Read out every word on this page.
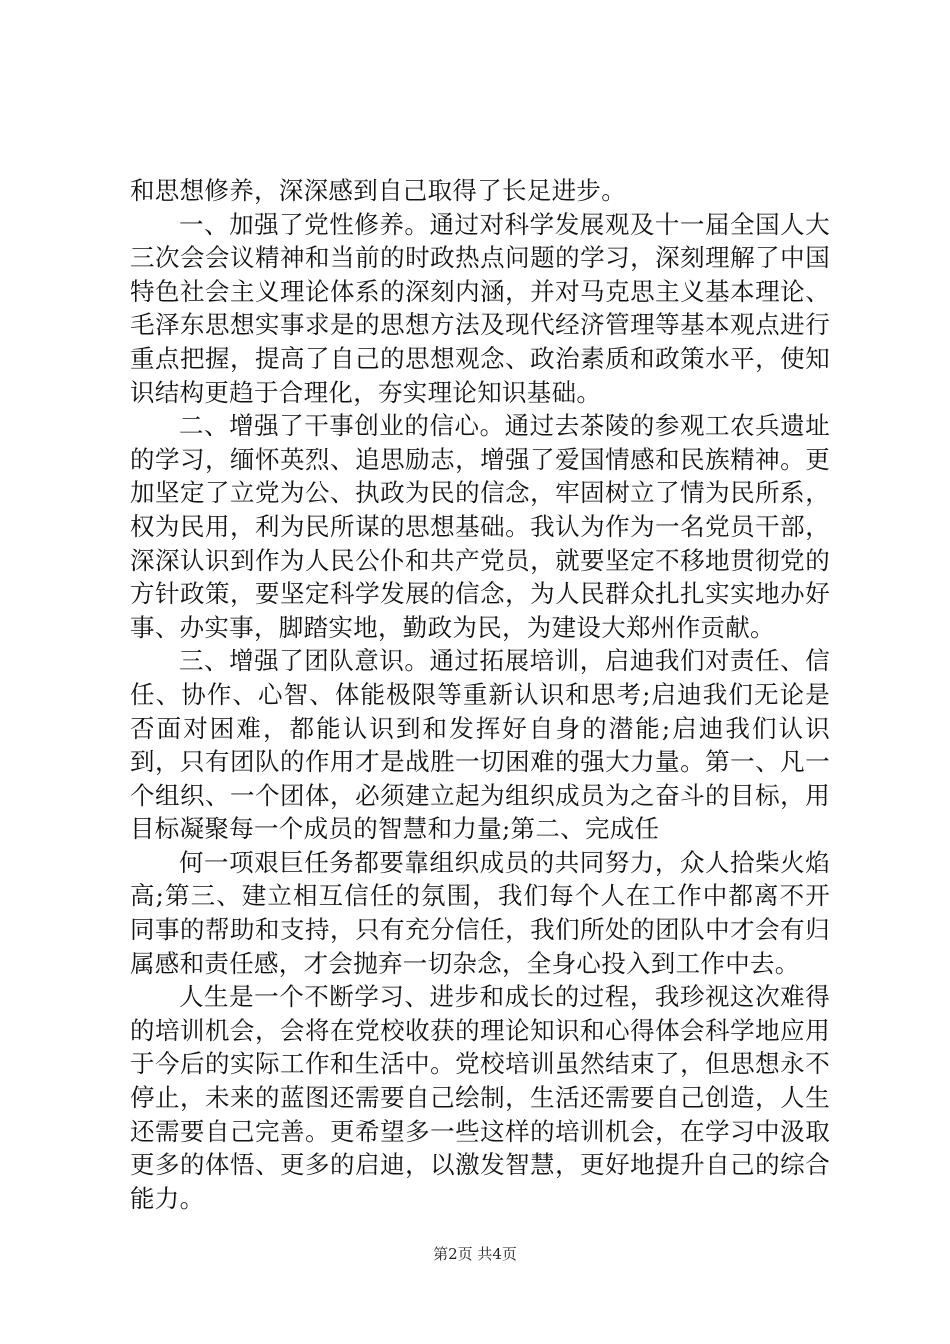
和思想修养，深深感到自己取得了长足进步。

一、加强了党性修养。通过对科学发展观及十一届全国人大三次会会议精神和当前的时政热点问题的学习，深刻理解了中国特色社会主义理论体系的深刻内涵，并对马克思主义基本理论、毛泽东思想实事求是的思想方法及现代经济管理等基本观点进行重点把握，提高了自己的思想观念、政治素质和政策水平，使知识结构更趋于合理化，夯实理论知识基础。

二、增强了干事创业的信心。通过去茶陵的参观工农兵遗址的学习，缅怀英烈、追思励志，增强了爱国情感和民族精神。更加坚定了立党为公、执政为民的信念，牢固树立了情为民所系，权为民用，利为民所谋的思想基础。我认为作为一名党员干部，深深认识到作为人民公仆和共产党员，就要坚定不移地贯彻党的方针政策，要坚定科学发展的信念，为人民群众扎扎实实地办好事、办实事，脚踏实地，勤政为民，为建设大郑州作贡献。

三、增强了团队意识。通过拓展培训，启迪我们对责任、信任、协作、心智、体能极限等重新认识和思考;启迪我们无论是否面对困难，都能认识到和发挥好自身的潜能;启迪我们认识到，只有团队的作用才是战胜一切困难的强大力量。第一、凡一个组织、一个团体，必须建立起为组织成员为之奋斗的目标，用目标凝聚每一个成员的智慧和力量;第二、完成任

何一项艰巨任务都要靠组织成员的共同努力，众人拾柴火焰高;第三、建立相互信任的氛围，我们每个人在工作中都离不开同事的帮助和支持，只有充分信任，我们所处的团队中才会有归属感和责任感，才会抛弃一切杂念，全身心投入到工作中去。

人生是一个不断学习、进步和成长的过程，我珍视这次难得的培训机会，会将在党校收获的理论知识和心得体会科学地应用于今后的实际工作和生活中。党校培训虽然结束了，但思想永不停止，未来的蓝图还需要自己绘制，生活还需要自己创造，人生还需要自己完善。更希望多一些这样的培训机会，在学习中汲取更多的体悟、更多的启迪，以激发智慧，更好地提升自己的综合能力。

第2页 共4页
